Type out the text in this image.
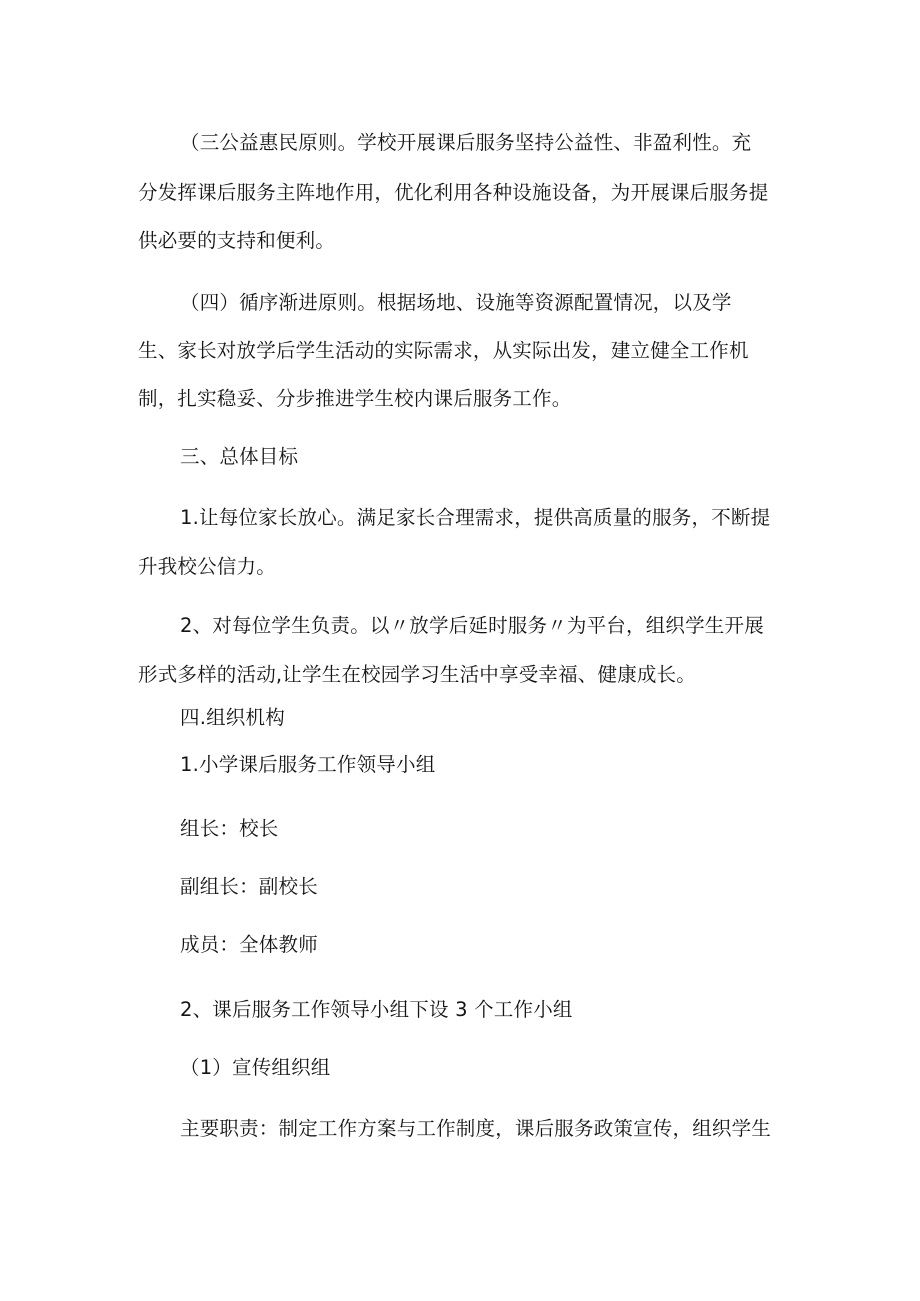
（三公益惠民原则。学校开展课后服务坚持公益性、非盈利性。充
分发挥课后服务主阵地作用，优化利用各种设施设备，为开展课后服务提
供必要的支持和便利。
（四）循序渐进原则。根据场地、设施等资源配置情况，以及学
生、家长对放学后学生活动的实际需求，从实际出发，建立健全工作机
制，扎实稳妥、分步推进学生校内课后服务工作。
三、总体目标
1.让每位家长放心。满足家长合理需求，提供高质量的服务，不断提
升我校公信力。
2、对每位学生负责。以〃放学后延时服务〃为平台，组织学生开展
形式多样的活动,让学生在校园学习生活中享受幸福、健康成长。
四.组织机构
1.小学课后服务工作领导小组
组长：校长
副组长：副校长
成员：全体教师
2、课后服务工作领导小组下设 3 个工作小组
（1）宣传组织组
主要职责：制定工作方案与工作制度，课后服务政策宣传，组织学生
